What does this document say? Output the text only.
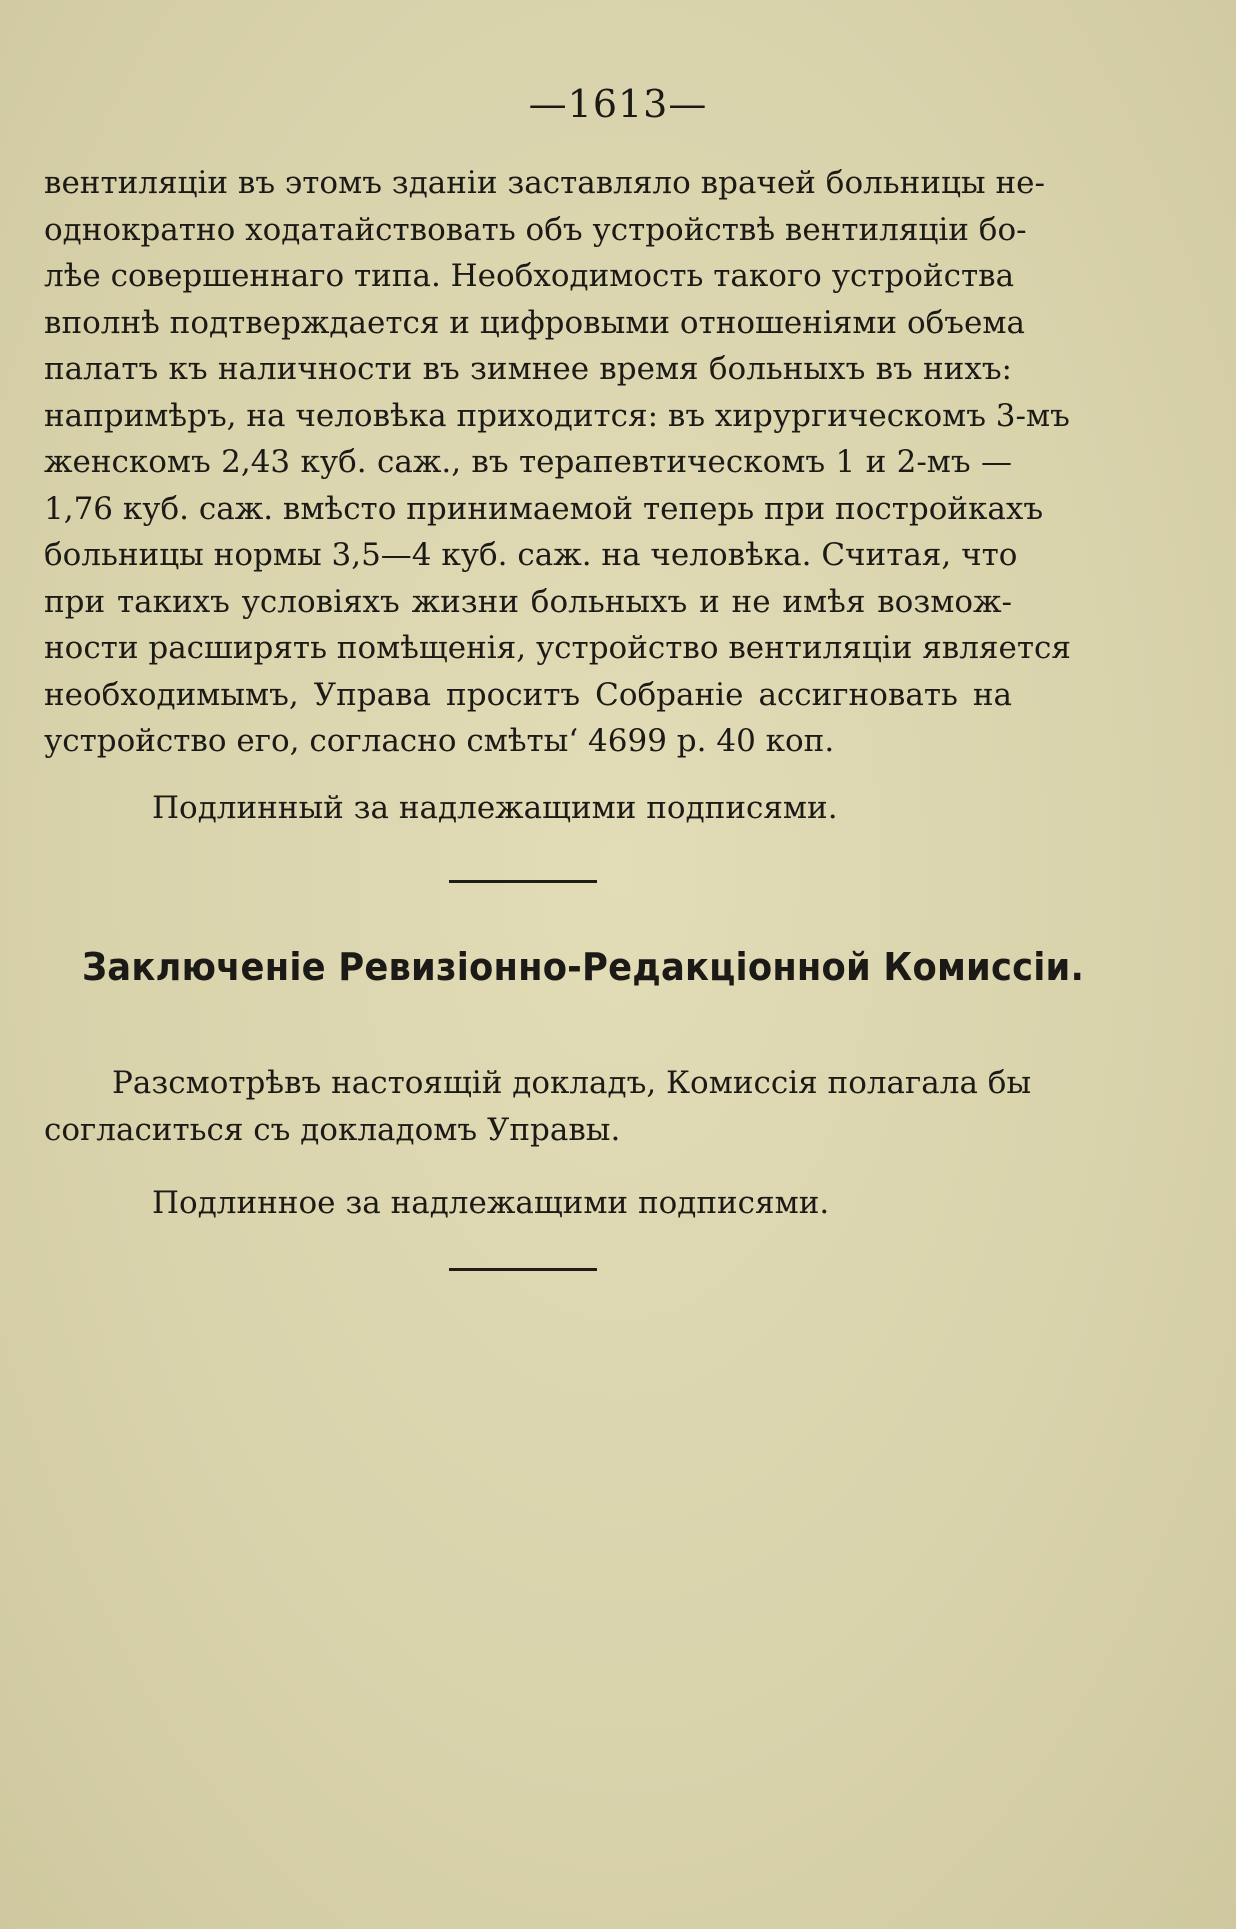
—1613—
вентиляціи въ этомъ зданіи заставляло врачей больницы не-
однократно ходатайствовать объ устройствѣ вентиляціи бо-
лѣе совершеннаго типа. Необходимость такого устройства
вполнѣ подтверждается и цифровыми отношеніями объема
палатъ къ наличности въ зимнее время больныхъ въ нихъ:
напримѣръ, на человѣка приходится: въ хирургическомъ 3-мъ
женскомъ 2,43 куб. саж., въ терапевтическомъ 1 и 2-мъ —
1,76 куб. саж. вмѣсто принимаемой теперь при постройкахъ
больницы нормы 3,5—4 куб. саж. на человѣка. Считая, что
при такихъ условіяхъ жизни больныхъ и не имѣя возмож-
ности расширять помѣщенія, устройство вентиляціи является
необходимымъ, Управа проситъ Собраніе ассигновать на
устройство его, согласно смѣты‘ 4699 р. 40 коп.
Подлинный за надлежащими подписями.
Заключеніе Ревизіонно-Редакціонной Комиссіи.
Разсмотрѣвъ настоящій докладъ, Комиссія полагала бы
согласиться съ докладомъ Управы.
Подлинное за надлежащими подписями.
